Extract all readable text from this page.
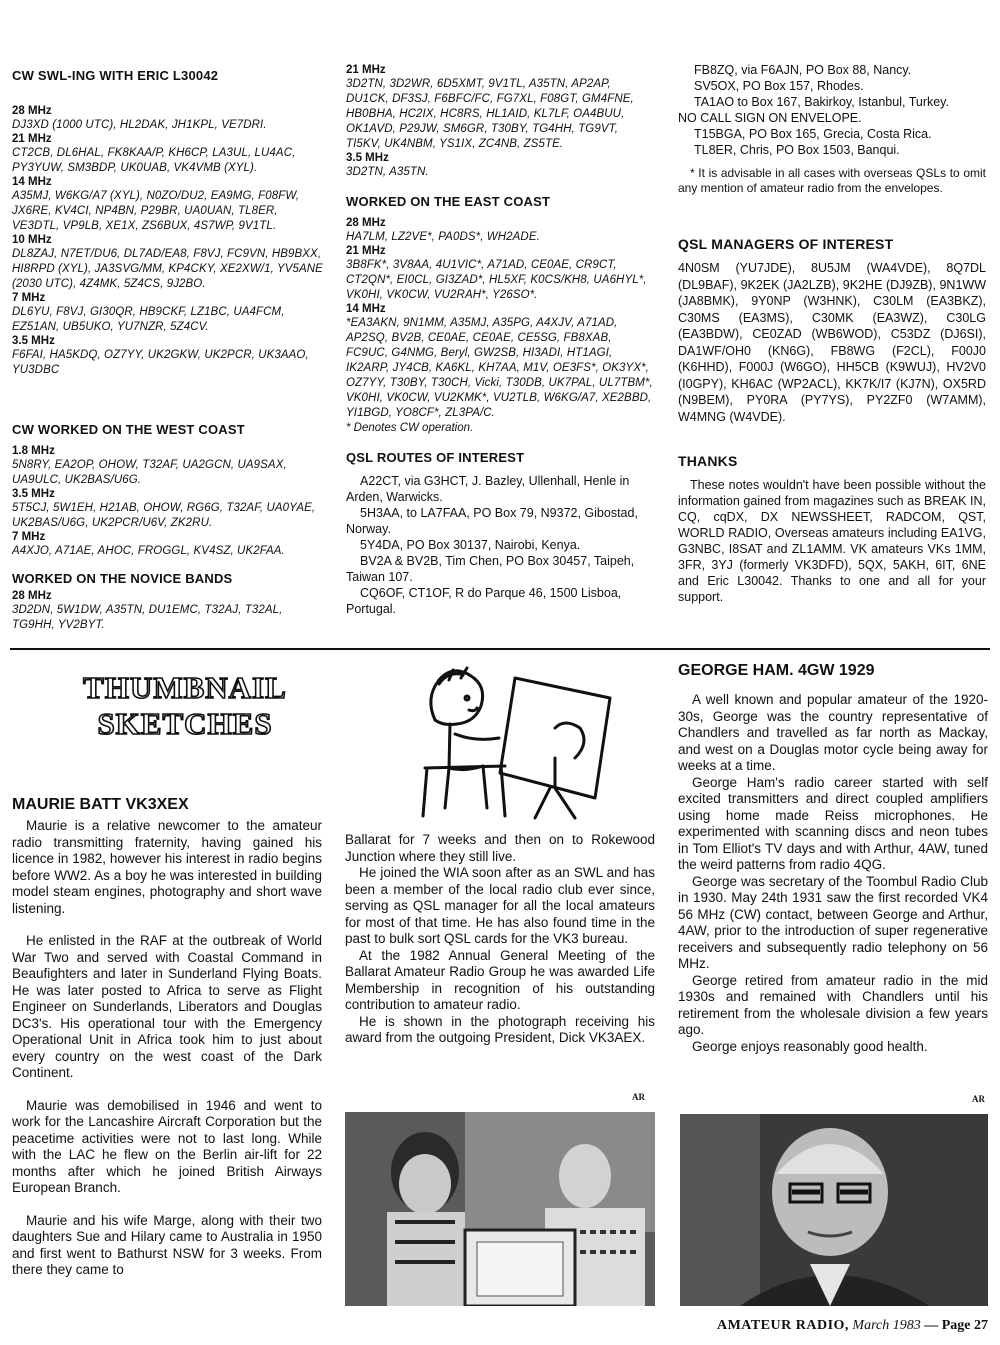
CW SWL-ING WITH ERIC L30042
28 MHz
DJ3XD (1000 UTC), HL2DAK, JH1KPL, VE7DRI.
21 MHz
CT2CB, DL6HAL, FK8KAA/P, KH6CP, LA3UL, LU4AC, PY3YUW, SM3BDP, UK0UAB, VK4VMB (XYL).
14 MHz
A35MJ, W6KG/A7 (XYL), N0ZO/DU2, EA9MG, F08FW, JX6RE, KV4CI, NP4BN, P29BR, UA0UAN, TL8ER, VE3DTL, VP9LB, XE1X, ZS6BUX, 4S7WP, 9V1TL.
10 MHz
DL8ZAJ, N7ET/DU6, DL7AD/EA8, F8VJ, FC9VN, HB9BXX, HI8RPD (XYL), JA3SVG/MM, KP4CKY, XE2XW/1, YV5ANE (2030 UTC), 4Z4MK, 5Z4CS, 9J2BO.
7 MHz
DL6YU, F8VJ, GI30QR, HB9CKF, LZ1BC, UA4FCM, EZ51AN, UB5UKO, YU7NZR, 5Z4CV.
3.5 MHz
F6FAI, HA5KDQ, OZ7YY, UK2GKW, UK2PCR, UK3AAO, YU3DBC
CW WORKED ON THE WEST COAST
1.8 MHz
5N8RY, EA2OP, OHOW, T32AF, UA2GCN, UA9SAX, UA9ULC, UK2BAS/U6G.
3.5 MHz
5T5CJ, 5W1EH, H21AB, OHOW, RG6G, T32AF, UA0YAE, UK2BAS/U6G, UK2PCR/U6V, ZK2RU.
7 MHz
A4XJO, A71AE, AHOC, FROGGL, KV4SZ, UK2FAA.
WORKED ON THE NOVICE BANDS
28 MHz
3D2DN, 5W1DW, A35TN, DU1EMC, T32AJ, T32AL, TG9HH, YV2BYT.
21 MHz
3D2TN, 3D2WR, 6D5XMT, 9V1TL, A35TN, AP2AP, DU1CK, DF3SJ, F6BFC/FC, FG7XL, F08GT, GM4FNE, HB0BHA, HC2IX, HC8RS, HL1AID, KL7LF, OA4BUU, OK1AVD, P29JW, SM6GR, T30BY, TG4HH, TG9VT, TI5KV, UK4NBM, YS1IX, ZC4NB, ZS5TE.
3.5 MHz
3D2TN, A35TN.
WORKED ON THE EAST COAST
28 MHz
HA7LM, LZ2VE*, PA0DS*, WH2ADE.
21 MHz
3B8FK*, 3V8AA, 4U1VIC*, A71AD, CE0AE, CR9CT, CT2QN*, EI0CL, GI3ZAD*, HL5XF, K0CS/KH8, UA6HYL*, VK0HI, VK0CW, VU2RAH*, Y26SO*.
14 MHz
*EA3AKN, 9N1MM, A35MJ, A35PG, A4XJV, A71AD, AP2SQ, BV2B, CE0AE, CE0AE, CE5SG, FB8XAB, FC9UC, G4NMG, Beryl, GW2SB, HI3ADI, HT1AGI, IK2ARP, JY4CB, KA6KL, KH7AA, M1V, OE3FS*, OK3YX*, OZ7YY, T30BY, T30CH, Vicki, T30DB, UK7PAL, UL7TBM*, VK0HI, VK0CW, VU2KMK*, VU2TLB, W6KG/A7, XE2BBD, YI1BGD, YO8CF*, ZL3PA/C.
* Denotes CW operation.
QSL ROUTES OF INTEREST

A22CT, via G3HCT, J. Bazley, Ullenhall, Henle in Arden, Warwicks.

5H3AA, to LA7FAA, PO Box 79, N9372, Gibostad, Norway.

5Y4DA, PO Box 30137, Nairobi, Kenya.

BV2A & BV2B, Tim Chen, PO Box 30457, Taipeh, Taiwan 107.

CQ6OF, CT1OF, R do Parque 46, 1500 Lisboa, Portugal.

FB8ZQ, via F6AJN, PO Box 88, Nancy.

SV5OX, PO Box 157, Rhodes.

TA1AO to Box 167, Bakirkoy, Istanbul, Turkey.

NO CALL SIGN ON ENVELOPE.

T15BGA, PO Box 165, Grecia, Costa Rica.

TL8ER, Chris, PO Box 1503, Banqui.

* It is advisable in all cases with overseas QSLs to omit any mention of amateur radio from the envelopes.
QSL MANAGERS OF INTEREST
4N0SM (YU7JDE), 8U5JM (WA4VDE), 8Q7DL (DL9BAF), 9K2EK (JA2LZB), 9K2HE (DJ9ZB), 9N1WW (JA8BMK), 9Y0NP (W3HNK), C30LM (EA3BKZ), C30MS (EA3MS), C30MK (EA3WZ), C30LG (EA3BDW), CE0ZAD (WB6WOD), C53DZ (DJ6SI), DA1WF/OH0 (KN6G), FB8WG (F2CL), F00J0 (K6HHD), F000J (W6GO), HH5CB (K9WUJ), HV2V0 (I0GPY), KH6AC (WP2ACL), KK7K/I7 (KJ7N), OX5RD (N9BEM), PY0RA (PY7YS), PY2ZF0 (W7AMM), W4MNG (W4VDE).
THANKS
These notes wouldn't have been possible without the information gained from magazines such as BREAK IN, CQ, cqDX, DX NEWSSHEET, RADCOM, QST, WORLD RADIO, Overseas amateurs including EA1VG, G3NBC, I8SAT and ZL1AMM. VK amateurs VKs 1MM, 3FR, 3YJ (formerly VK3DFD), 5QX, 5AKH, 6IT, 6NE and Eric L30042. Thanks to one and all for your support.
THUMBNAIL
SKETCHES
MAURIE BATT VK3XEX

Maurie is a relative newcomer to the amateur radio transmitting fraternity, having gained his licence in 1982, however his interest in radio begins before WW2. As a boy he was interested in building model steam engines, photography and short wave listening.

He enlisted in the RAF at the outbreak of World War Two and served with Coastal Command in Beaufighters and later in Sunderland Flying Boats. He was later posted to Africa to serve as Flight Engineer on Sunderlands, Liberators and Douglas DC3's. His operational tour with the Emergency Operational Unit in Africa took him to just about every country on the west coast of the Dark Continent.

Maurie was demobilised in 1946 and went to work for the Lancashire Aircraft Corporation but the peacetime activities were not to last long. While with the LAC he flew on the Berlin air-lift for 22 months after which he joined British Airways European Branch.

Maurie and his wife Marge, along with their two daughters Sue and Hilary came to Australia in 1950 and first went to Bathurst NSW for 3 weeks. From there they came to

Ballarat for 7 weeks and then on to Rokewood Junction where they still live.

He joined the WIA soon after as an SWL and has been a member of the local radio club ever since, serving as QSL manager for all the local amateurs for most of that time. He has also found time in the past to bulk sort QSL cards for the VK3 bureau.

At the 1982 Annual General Meeting of the Ballarat Amateur Radio Group he was awarded Life Membership in recognition of his outstanding contribution to amateur radio.

He is shown in the photograph receiving his award from the outgoing President, Dick VK3AEX.

AR
GEORGE HAM. 4GW 1929

A well known and popular amateur of the 1920-30s, George was the country representative of Chandlers and travelled as far north as Mackay, and west on a Douglas motor cycle being away for weeks at a time.

George Ham's radio career started with self excited transmitters and direct coupled amplifiers using home made Reiss microphones. He experimented with scanning discs and neon tubes in Tom Elliot's TV days and with Arthur, 4AW, tuned the weird patterns from radio 4QG.

George was secretary of the Toombul Radio Club in 1930. May 24th 1931 saw the first recorded VK4 56 MHz (CW) contact, between George and Arthur, 4AW, prior to the introduction of super regenerative receivers and subsequently radio telephony on 56 MHz.

George retired from amateur radio in the mid 1930s and remained with Chandlers until his retirement from the wholesale division a few years ago.

George enjoys reasonably good health.

AR
AMATEUR RADIO, March 1983 — Page 27
